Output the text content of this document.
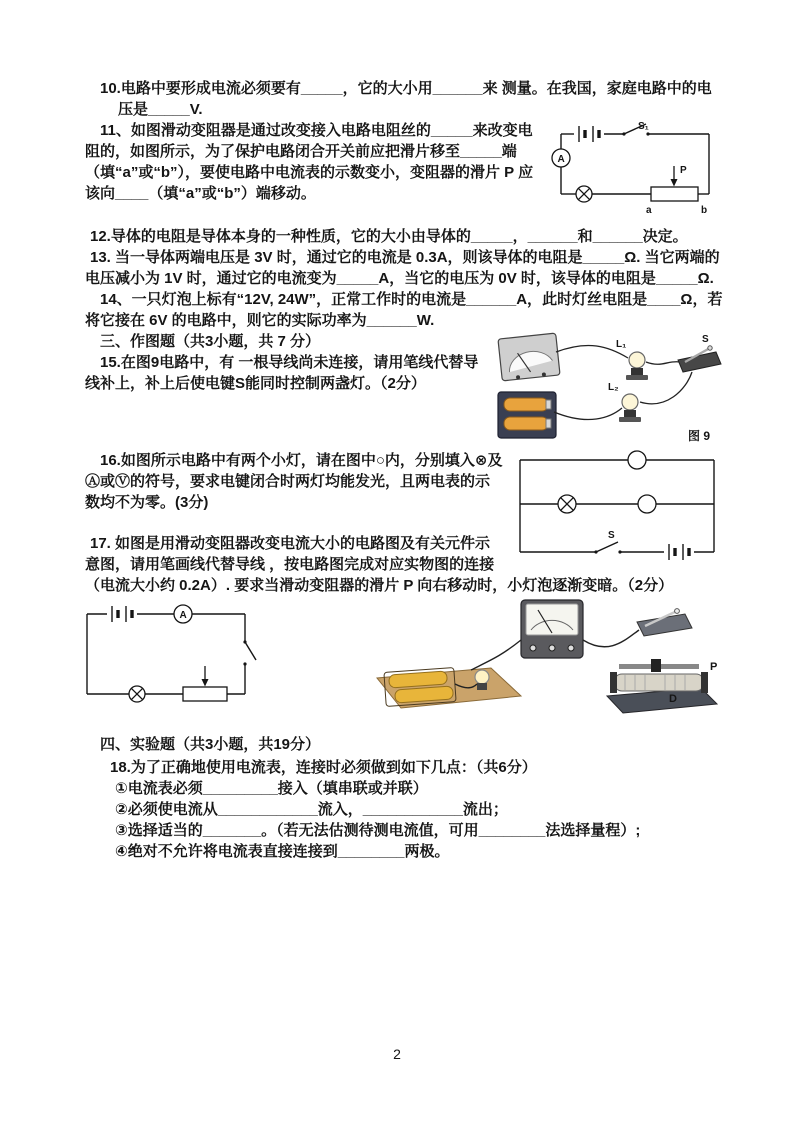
10.电路中要形成电流必须要有_____，它的大小用______来 测量。在我国，家庭电路中的电压是_____V.

S₁
A
P
a	b

11、如图滑动变阻器是通过改变接入电路电阻丝的_____来改变电阻的，如图所示，为了保护电路闭合开关前应把滑片移至_____端（填“a”或“b”），要使电路中电流表的示数变小，变阻器的滑片 P 应该向____（填“a”或“b”）端移动。

12.导体的电阻是导体本身的一种性质，它的大小由导体的_____，______和______决定。

13. 当一导体两端电压是 3V 时，通过它的电流是 0.3A，则该导体的电阻是_____Ω. 当它两端的电压减小为 1V 时，通过它的电流变为_____A，当它的电压为 0V 时，该导体的电阻是_____Ω.

14、一只灯泡上标有“12V, 24W”，正常工作时的电流是______A，此时灯丝电阻是____Ω，若将它接在 6V 的电路中，则它的实际功率为______W.

三、作图题（共3小题，共 7 分）	L₁
L₂
S
图 9

15.在图9电路中，有 一根导线尚未连接，请用笔线代替导线补上，补上后使电键S能同时控制两盏灯。（2分）

S

16.如图所示电路中有两个小灯，请在图中○内，分别填入⊗及Ⓐ或Ⓥ的符号，要求电键闭合时两灯均能发光，且两电表的示数均不为零。(3分)

17. 如图是用滑动变阻器改变电流大小的电路图及有关元件示意图，请用笔画线代替导线 ，按电路图完成对应实物图的连接（电流大小约 0.2A）. 要求当滑动变阻器的滑片 P 向右移动时，小灯泡逐渐变暗。（2分）

A
P
D

四、实验题（共3小题，共19分）

18.为了正确地使用电流表，连接时必须做到如下几点：（共6分）

①电流表必须_________接入（填串联或并联）

②必须使电流从____________流入，____________流出；

③选择适当的_______。（若无法估测待测电流值，可用________法选择量程）;

④绝对不允许将电流表直接连接到________两极。

2
